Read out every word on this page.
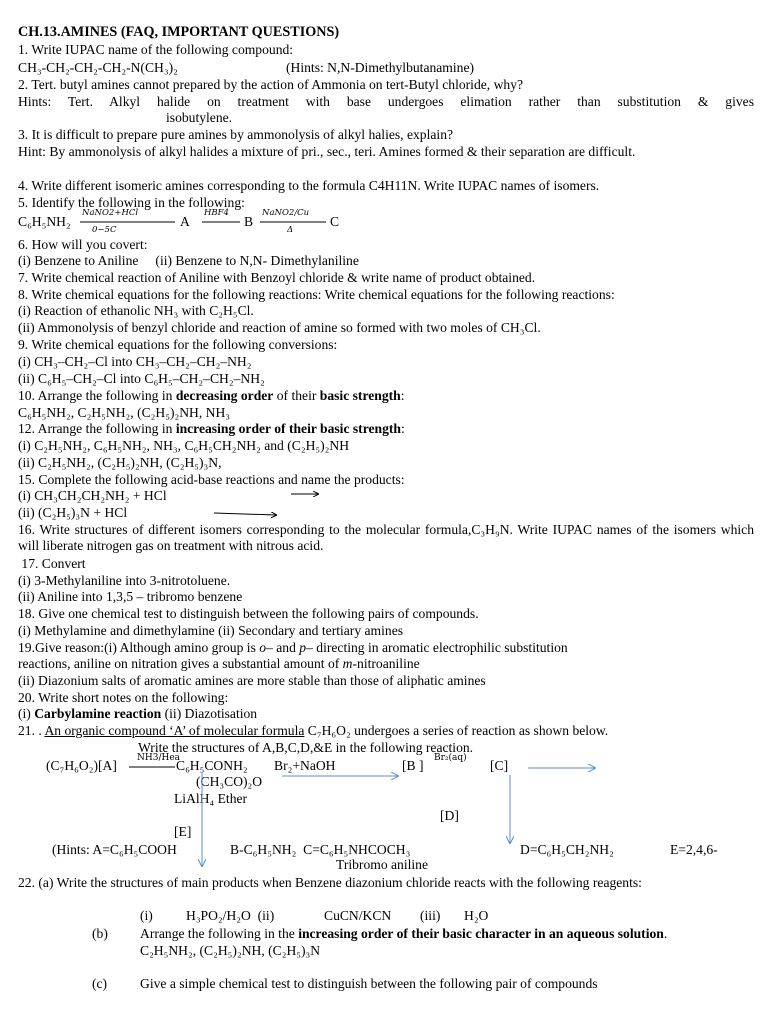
CH.13.AMINES (FAQ, IMPORTANT QUESTIONS)
1. Write IUPAC name of the following compound:
CH₃-CH₂-CH₂-CH₂-N(CH₃)₂	(Hints: N,N-Dimethylbutanamine)
2. Tert. butyl amines cannot prepared by the action of Ammonia on tert-Butyl chloride, why?
Hints: Tert. Alkyl halide on treatment with base undergoes elimation rather than substitution & gives
isobutylene.
3. It is difficult to prepare pure amines by ammonolysis of alkyl halies, explain?
Hint: By ammonolysis of alkyl halides a mixture of pri., sec., teri. Amines formed & their separation are difficult.
4. Write different isomeric amines corresponding to the formula C4H11N. Write IUPAC names of isomers.
5. Identify the following in the following:
C₆H₅NH₂
NaNO2+HCl
0−5C
A
HBF4
B
NaNO2/Cu
Δ
C
6. How will you covert:
(i) Benzene to Aniline     (ii) Benzene to N,N- Dimethylaniline
7. Write chemical reaction of Aniline with Benzoyl chloride & write name of product obtained.
8. Write chemical equations for the following reactions: Write chemical equations for the following reactions:
(i) Reaction of ethanolic NH₃ with C₂H₅Cl.
(ii) Ammonolysis of benzyl chloride and reaction of amine so formed with two moles of CH₃Cl.
9. Write chemical equations for the following conversions:
(i) CH₃–CH₂–Cl into CH₃–CH₂–CH₂–NH₂
(ii) C₆H₅–CH₂–Cl into C₆H₅–CH₂–CH₂–NH₂
10. Arrange the following in decreasing order of their basic strength:
C₆H₅NH₂, C₂H₅NH₂, (C₂H₅)₂NH, NH₃
12. Arrange the following in increasing order of their basic strength:
(i) C₂H₅NH₂, C₆H₅NH₂, NH₃, C₆H₅CH₂NH₂ and (C₂H₅)₂NH
(ii) C₂H₅NH₂, (C₂H₅)₂NH, (C₂H₅)₃N,
15. Complete the following acid-base reactions and name the products:
(i) CH₃CH₂CH₂NH₂ + HCl
(ii) (C₂H₅)₃N + HCl
16. Write structures of different isomers corresponding to the molecular formula,C₃H₉N. Write IUPAC names of the isomers which will liberate nitrogen gas on treatment with nitrous acid.
17. Convert
(i) 3-Methylaniline into 3-nitrotoluene.
(ii) Aniline into 1,3,5 – tribromo benzene
18. Give one chemical test to distinguish between the following pairs of compounds.
(i) Methylamine and dimethylamine (ii) Secondary and tertiary amines
19.Give reason:(i) Although amino group is o– and p– directing in aromatic electrophilic substitution
reactions, aniline on nitration gives a substantial amount of m-nitroaniline
(ii) Diazonium salts of aromatic amines are more stable than those of aliphatic amines
20. Write short notes on the following:
(i) Carbylamine reaction (ii) Diazotisation
21. . An organic compound ‘A’ of molecular formula C₇H₆O₂ undergoes a series of reaction as shown below.
Write the structures of A,B,C,D,&E in the following reaction.
(C₇H₆O₂)[A] NH3/Hea
C₆H₅CONH₂ Br₂+NaOH	[B ] Br₂(aq) [C]
(CH₃CO)₂O
LiAlH₄ Ether
[D]
[E]
(Hints: A=C₆H₅COOH	B-C₆H₅NH₂  C=C₆H₅NHCOCH₃	D=C₆H₅CH₂NH₂	E=2,4,6-
Tribromo aniline
22. (a) Write the structures of main products when Benzene diazonium chloride reacts with the following reagents:
(i) H₃PO₂/H₂O  (ii)	CuCN/KCN (iii) H₂O
(b) Arrange the following in the increasing order of their basic character in an aqueous solution.
C₂H₅NH₂, (C₂H₅)₂NH, (C₂H₅)₃N
(c) Give a simple chemical test to distinguish between the following pair of compounds
